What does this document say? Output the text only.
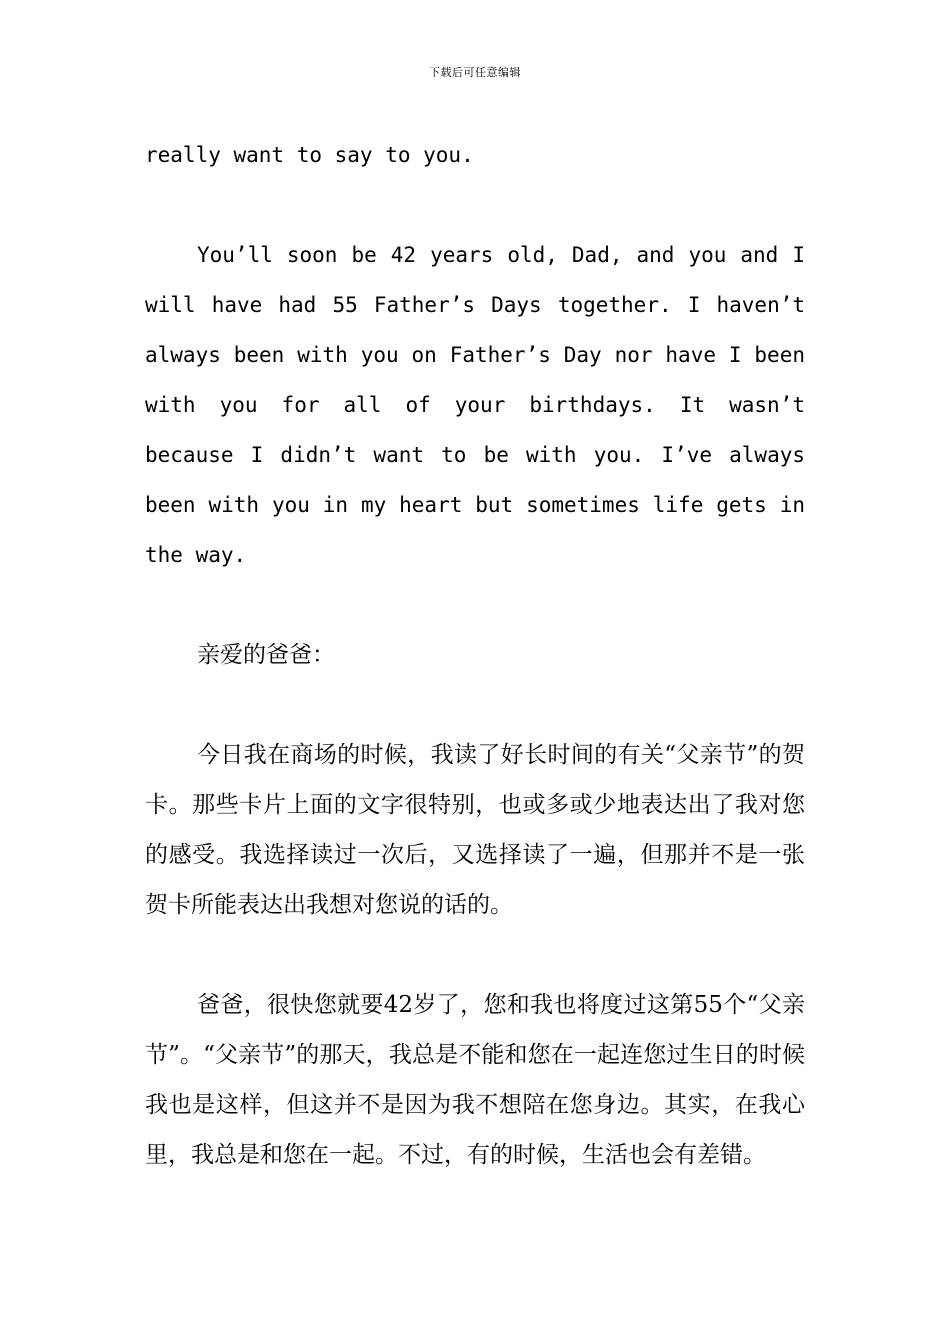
下载后可任意编辑

really want to say to you.

You’ll soon be 42 years old, Dad, and you and I will have had 55 Father’s Days together. I haven’t always been with you on Father’s Day nor have I been with you for all of your birthdays. It wasn’t because I didn’t want to be with you. I’ve always been with you in my heart but sometimes life gets in the way.

亲爱的爸爸：

今日我在商场的时候，我读了好长时间的有关“父亲节”的贺卡。那些卡片上面的文字很特别，也或多或少地表达出了我对您的感受。我选择读过一次后，又选择读了一遍，但那并不是一张贺卡所能表达出我想对您说的话的。

爸爸，很快您就要42岁了，您和我也将度过这第55个“父亲节”。“父亲节”的那天，我总是不能和您在一起连您过生日的时候我也是这样，但这并不是因为我不想陪在您身边。其实，在我心里，我总是和您在一起。不过，有的时候，生活也会有差错。
